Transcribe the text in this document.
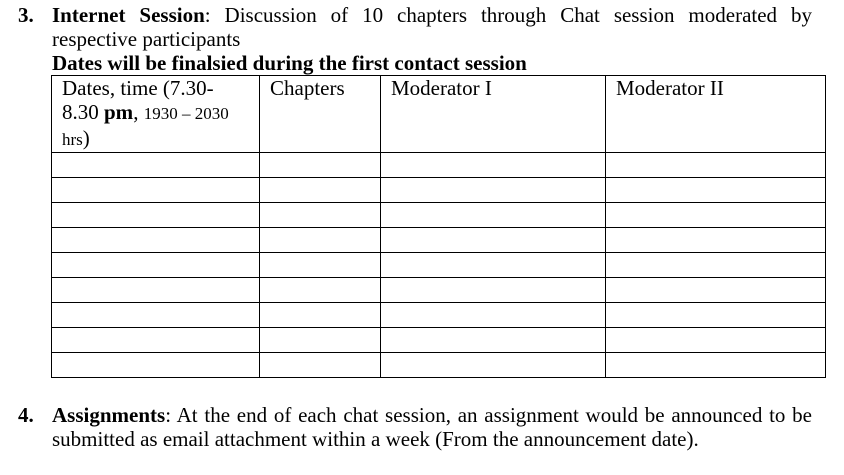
3. Internet Session: Discussion of 10 chapters through Chat session moderated by respective participants
Dates will be finalsied during the first contact session
Dates, time (7.30-8.30 pm, 1930 – 2030 hrs)	Chapters	Moderator I	Moderator II

4. Assignments: At the end of each chat session, an assignment would be announced to be submitted as email attachment within a week (From the announcement date).
